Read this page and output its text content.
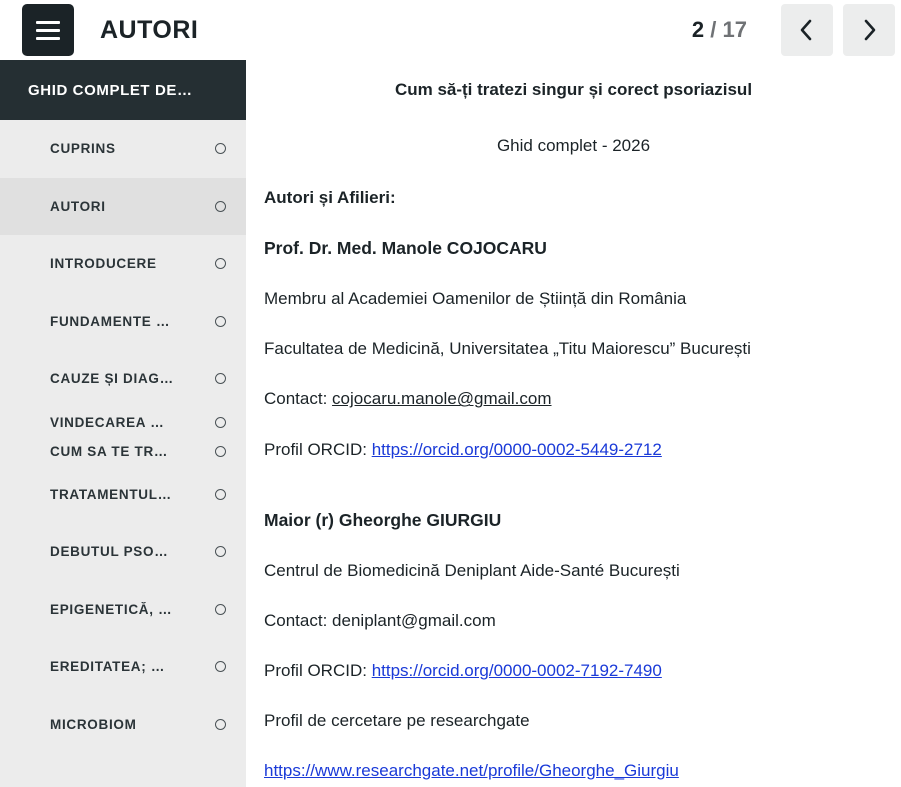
AUTORI	2 / 17
GHID COMPLET DE…
CUPRINS
AUTORI
INTRODUCERE
FUNDAMENTE …
CAUZE ȘI DIAG…
VINDECAREA …
CUM SA TE TR…
TRATAMENTUL…
DEBUTUL PSO…
EPIGENETICĂ, …
EREDITATEA; …
MICROBIOM
Cum să-ți tratezi singur și corect psoriazisul
Ghid complet - 2026
Autori și Afilieri:
Prof. Dr. Med. Manole COJOCARU
Membru al Academiei Oamenilor de Știință din România
Facultatea de Medicină, Universitatea „Titu Maiorescu” București
Contact: cojocaru.manole@gmail.com
Profil ORCID: https://orcid.org/0000-0002-5449-2712
Maior (r) Gheorghe GIURGIU
Centrul de Biomedicină Deniplant Aide-Santé București
Contact: deniplant@gmail.com
Profil ORCID: https://orcid.org/0000-0002-7192-7490
Profil de cercetare pe researchgate
https://www.researchgate.net/profile/Gheorghe_Giurgiu
